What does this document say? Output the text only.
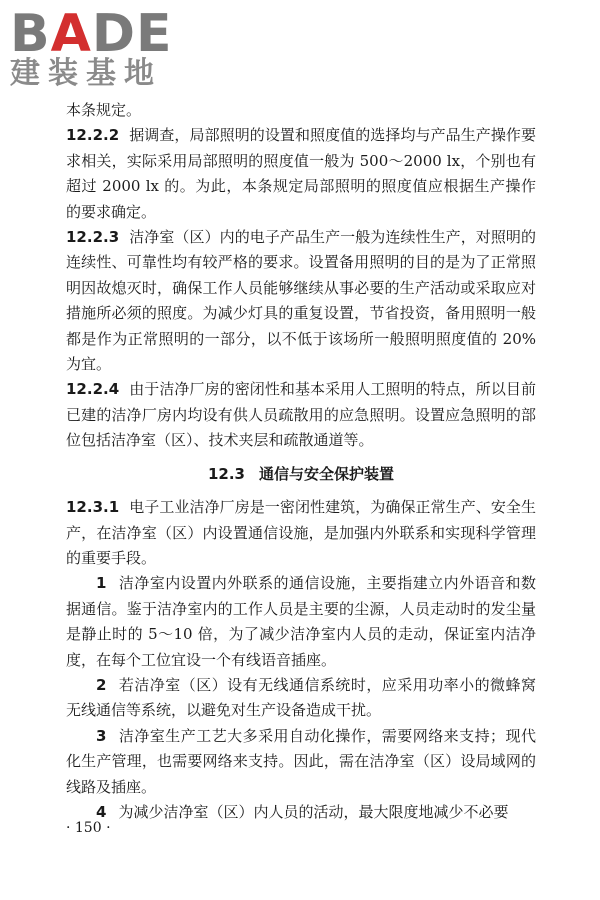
BADE
建装基地

本条规定。

12.2.2 据调查，局部照明的设置和照度值的选择均与产品生产操作要求相关，实际采用局部照明的照度值一般为 500～2000 lx，个别也有超过 2000 lx 的。为此，本条规定局部照明的照度值应根据生产操作的要求确定。

12.2.3 洁净室（区）内的电子产品生产一般为连续性生产，对照明的连续性、可靠性均有较严格的要求。设置备用照明的目的是为了正常照明因故熄灭时，确保工作人员能够继续从事必要的生产活动或采取应对措施所必须的照度。为减少灯具的重复设置，节省投资，备用照明一般都是作为正常照明的一部分，以不低于该场所一般照明照度值的 20% 为宜。

12.2.4 由于洁净厂房的密闭性和基本采用人工照明的特点，所以目前已建的洁净厂房内均设有供人员疏散用的应急照明。设置应急照明的部位包括洁净室（区）、技术夹层和疏散通道等。

12.3 通信与安全保护装置

12.3.1 电子工业洁净厂房是一密闭性建筑，为确保正常生产、安全生产，在洁净室（区）内设置通信设施，是加强内外联系和实现科学管理的重要手段。

1 洁净室内设置内外联系的通信设施，主要指建立内外语音和数据通信。鉴于洁净室内的工作人员是主要的尘源，人员走动时的发尘量是静止时的 5～10 倍，为了减少洁净室内人员的走动，保证室内洁净度，在每个工位宜设一个有线语音插座。

2 若洁净室（区）设有无线通信系统时，应采用功率小的微蜂窝无线通信等系统，以避免对生产设备造成干扰。

3 洁净室生产工艺大多采用自动化操作，需要网络来支持；现代化生产管理，也需要网络来支持。因此，需在洁净室（区）设局域网的线路及插座。

4 为减少洁净室（区）内人员的活动，最大限度地减少不必要

· 150 ·
